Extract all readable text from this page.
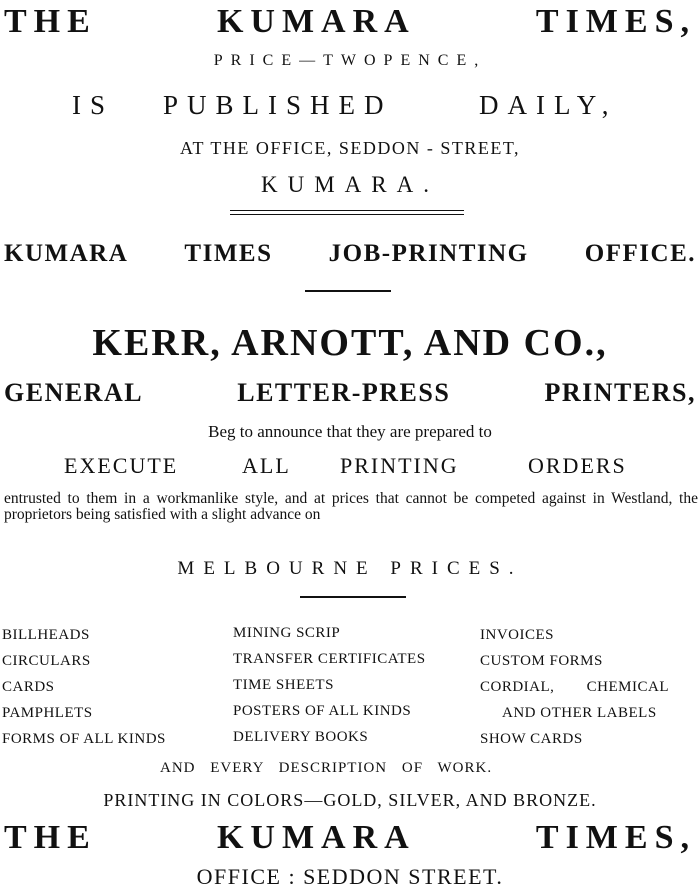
THE	KUMARA	TIMES,
PRICE—TWOPENCE,
IS PUBLISHED	DAILY,
AT THE OFFICE, SEDDON - STREET,
KUMARA.
KUMARA TIMES JOB-PRINTING OFFICE.
KERR, ARNOTT, AND CO.,
GENERAL	LETTER-PRESS	PRINTERS,
Beg to announce that they are prepared to
EXECUTE	ALL PRINTING	ORDERS
entrusted to them in a workmanlike style, and at prices that cannot be competed against in Westland, the proprietors being satisfied with a slight advance on
MELBOURNE PRICES.
BILLHEADS
CIRCULARS
CARDS
PAMPHLETS
FORMS OF ALL KINDS
MINING SCRIP
TRANSFER CERTIFICATES
TIME SHEETS
POSTERS OF ALL KINDS
DELIVERY BOOKS
INVOICES
CUSTOM FORMS
CORDIAL, CHEMICAL
AND OTHER LABELS
SHOW CARDS
AND EVERY DESCRIPTION OF WORK.
PRINTING IN COLORS—GOLD, SILVER, AND BRONZE.
THE	KUMARA	TIMES,
OFFICE : SEDDON STREET.
